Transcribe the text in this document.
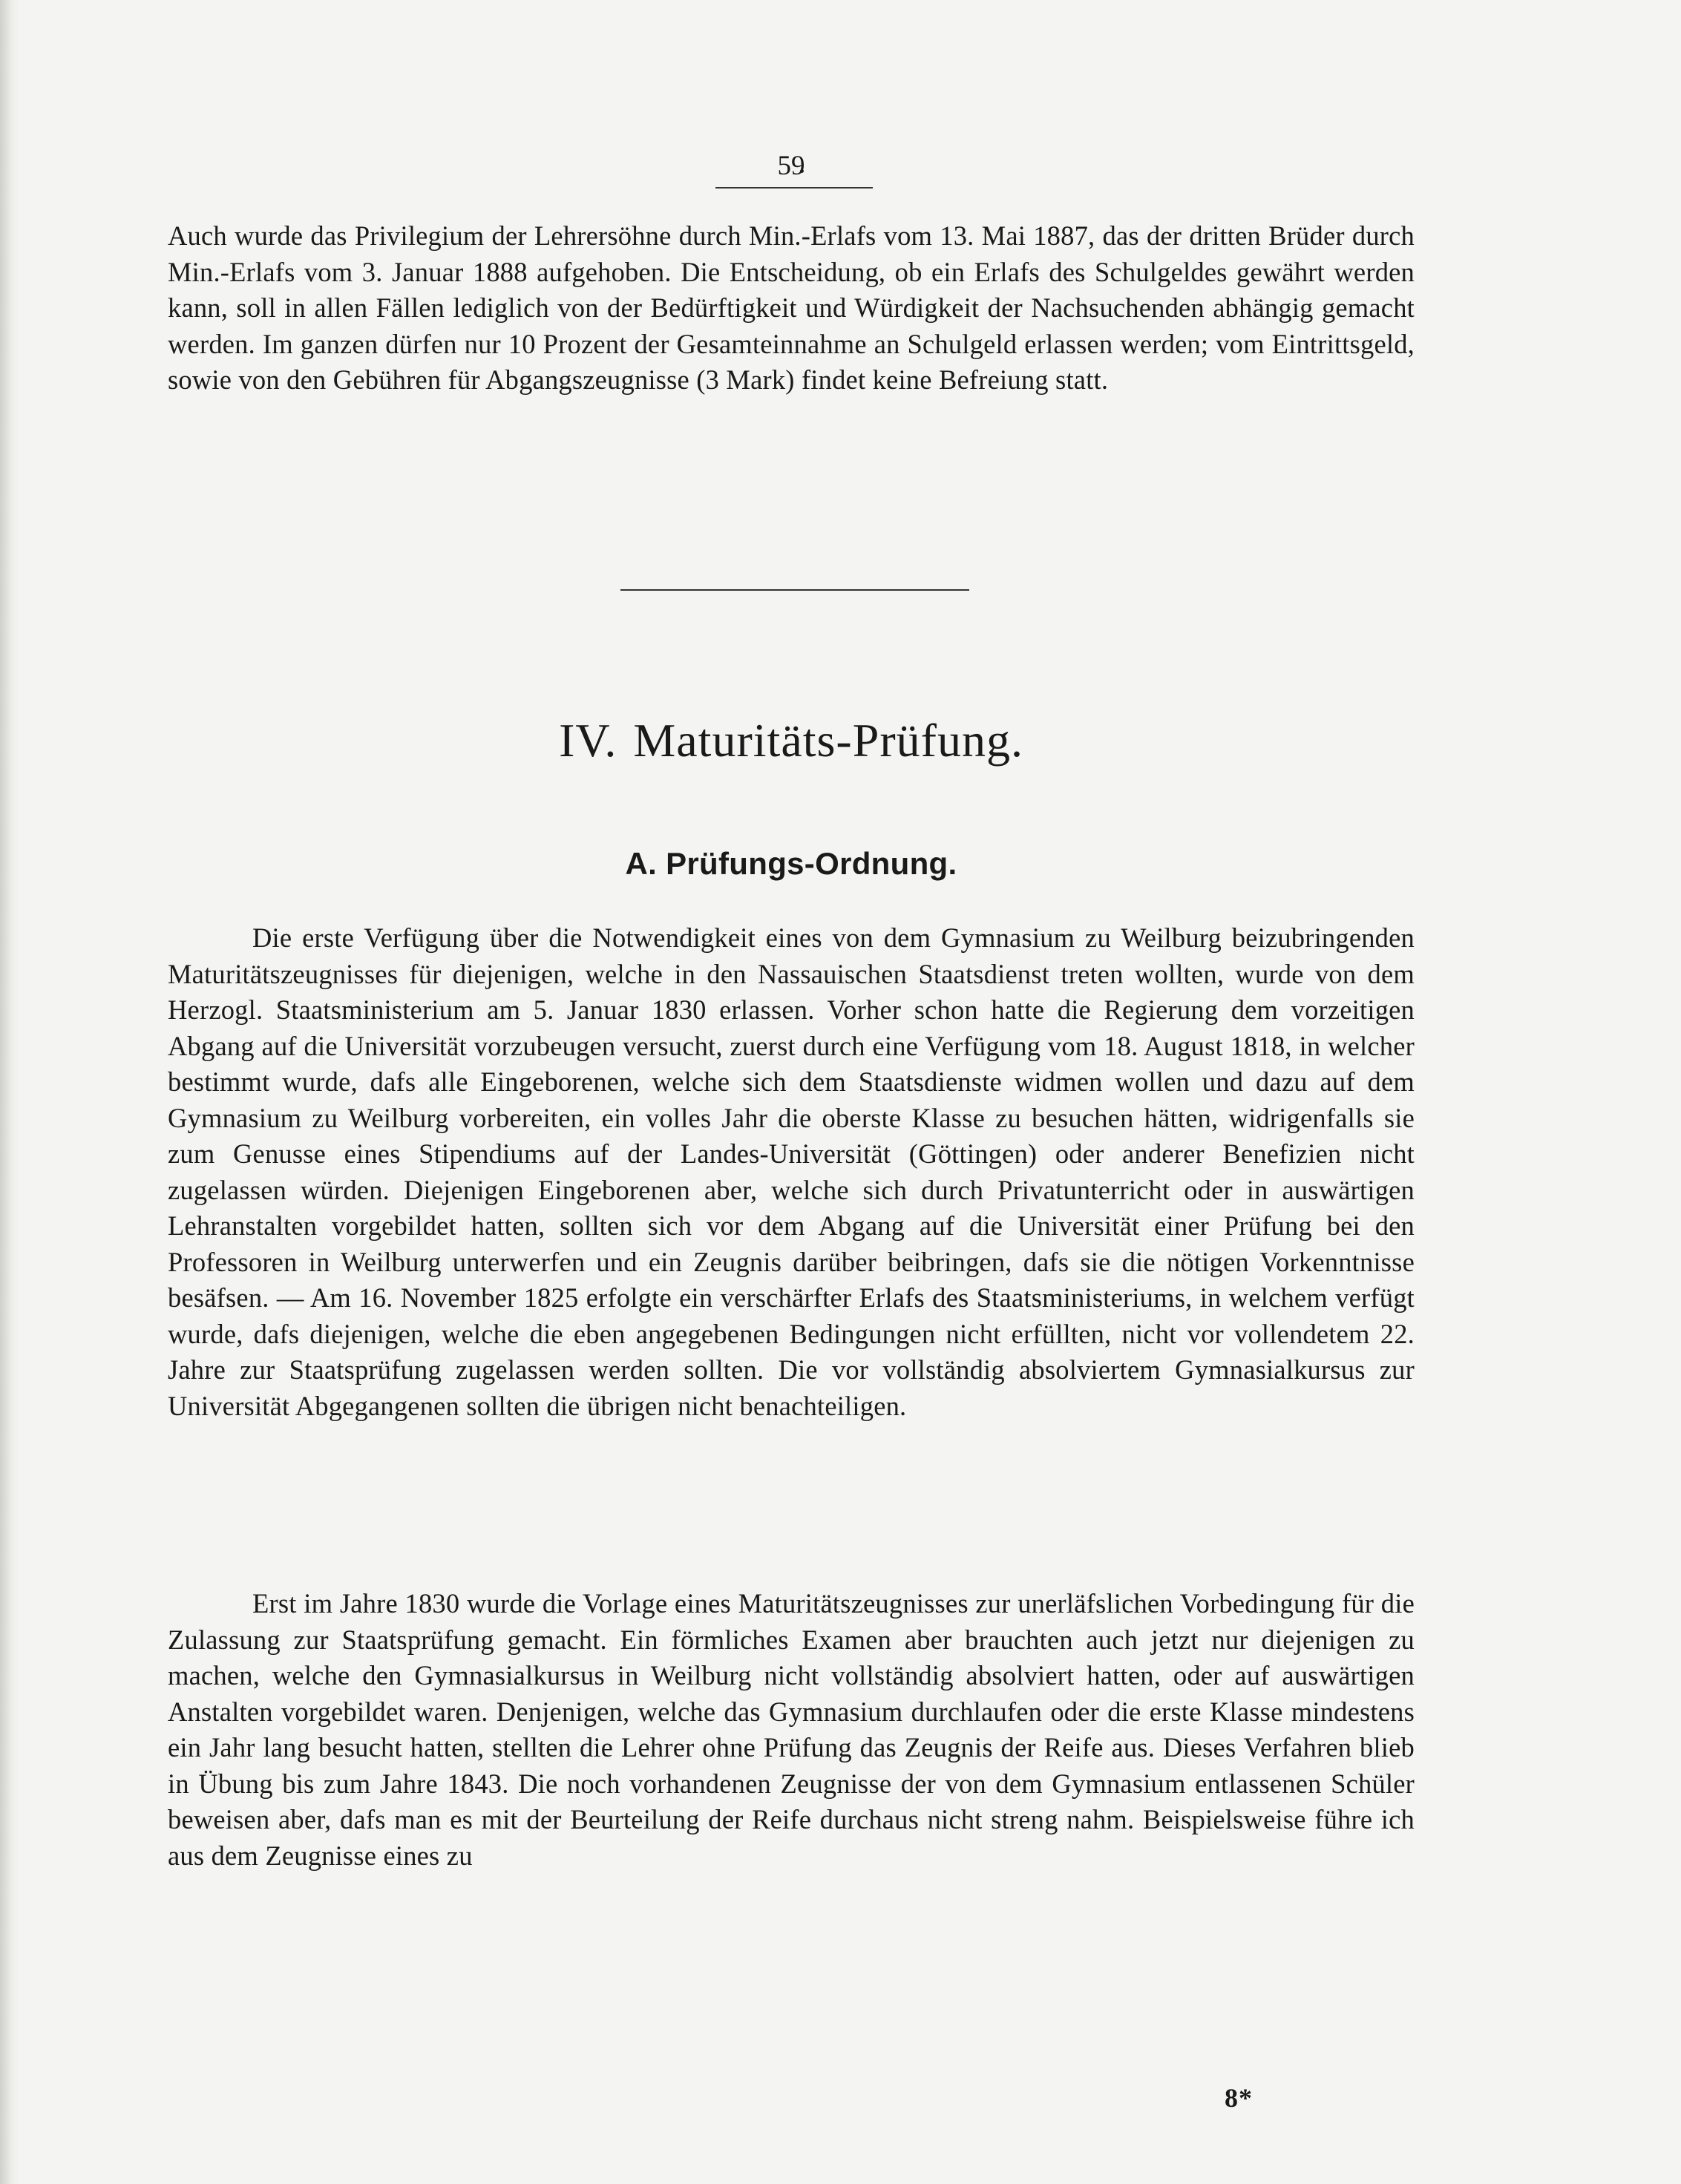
59

Auch wurde das Privilegium der Lehrersöhne durch Min.-Erlafs vom 13. Mai 1887, das der dritten Brüder durch Min.-Erlafs vom 3. Januar 1888 aufgehoben. Die Entscheidung, ob ein Erlafs des Schulgeldes gewährt werden kann, soll in allen Fällen lediglich von der Bedürftigkeit und Würdigkeit der Nachsuchenden abhängig gemacht werden. Im ganzen dürfen nur 10 Prozent der Gesamteinnahme an Schulgeld erlassen werden; vom Eintrittsgeld, sowie von den Gebühren für Abgangszeugnisse (3 Mark) findet keine Befreiung statt.

IV. Maturitäts-Prüfung.
A. Prüfungs-Ordnung.

Die erste Verfügung über die Notwendigkeit eines von dem Gymnasium zu Weilburg beizubringenden Maturitätszeugnisses für diejenigen, welche in den Nassauischen Staatsdienst treten wollten, wurde von dem Herzogl. Staatsministerium am 5. Januar 1830 erlassen. Vorher schon hatte die Regierung dem vorzeitigen Abgang auf die Universität vorzubeugen versucht, zuerst durch eine Verfügung vom 18. August 1818, in welcher bestimmt wurde, dafs alle Eingeborenen, welche sich dem Staatsdienste widmen wollen und dazu auf dem Gymnasium zu Weilburg vorbereiten, ein volles Jahr die oberste Klasse zu besuchen hätten, widrigenfalls sie zum Genusse eines Stipendiums auf der Landes-Universität (Göttingen) oder anderer Benefizien nicht zugelassen würden. Diejenigen Eingeborenen aber, welche sich durch Privatunterricht oder in auswärtigen Lehranstalten vorgebildet hatten, sollten sich vor dem Abgang auf die Universität einer Prüfung bei den Professoren in Weilburg unterwerfen und ein Zeugnis darüber beibringen, dafs sie die nötigen Vorkenntnisse besäfsen. — Am 16. November 1825 erfolgte ein verschärfter Erlafs des Staatsministeriums, in welchem verfügt wurde, dafs diejenigen, welche die eben angegebenen Bedingungen nicht erfüllten, nicht vor vollendetem 22. Jahre zur Staatsprüfung zugelassen werden sollten. Die vor vollständig absolviertem Gymnasialkursus zur Universität Abgegangenen sollten die übrigen nicht benachteiligen.

Erst im Jahre 1830 wurde die Vorlage eines Maturitätszeugnisses zur unerläfslichen Vorbedingung für die Zulassung zur Staatsprüfung gemacht. Ein förmliches Examen aber brauchten auch jetzt nur diejenigen zu machen, welche den Gymnasialkursus in Weilburg nicht vollständig absolviert hatten, oder auf auswärtigen Anstalten vorgebildet waren. Denjenigen, welche das Gymnasium durchlaufen oder die erste Klasse mindestens ein Jahr lang besucht hatten, stellten die Lehrer ohne Prüfung das Zeugnis der Reife aus. Dieses Verfahren blieb in Übung bis zum Jahre 1843. Die noch vorhandenen Zeugnisse der von dem Gymnasium entlassenen Schüler beweisen aber, dafs man es mit der Beurteilung der Reife durchaus nicht streng nahm. Beispielsweise führe ich aus dem Zeugnisse eines zu

8*
